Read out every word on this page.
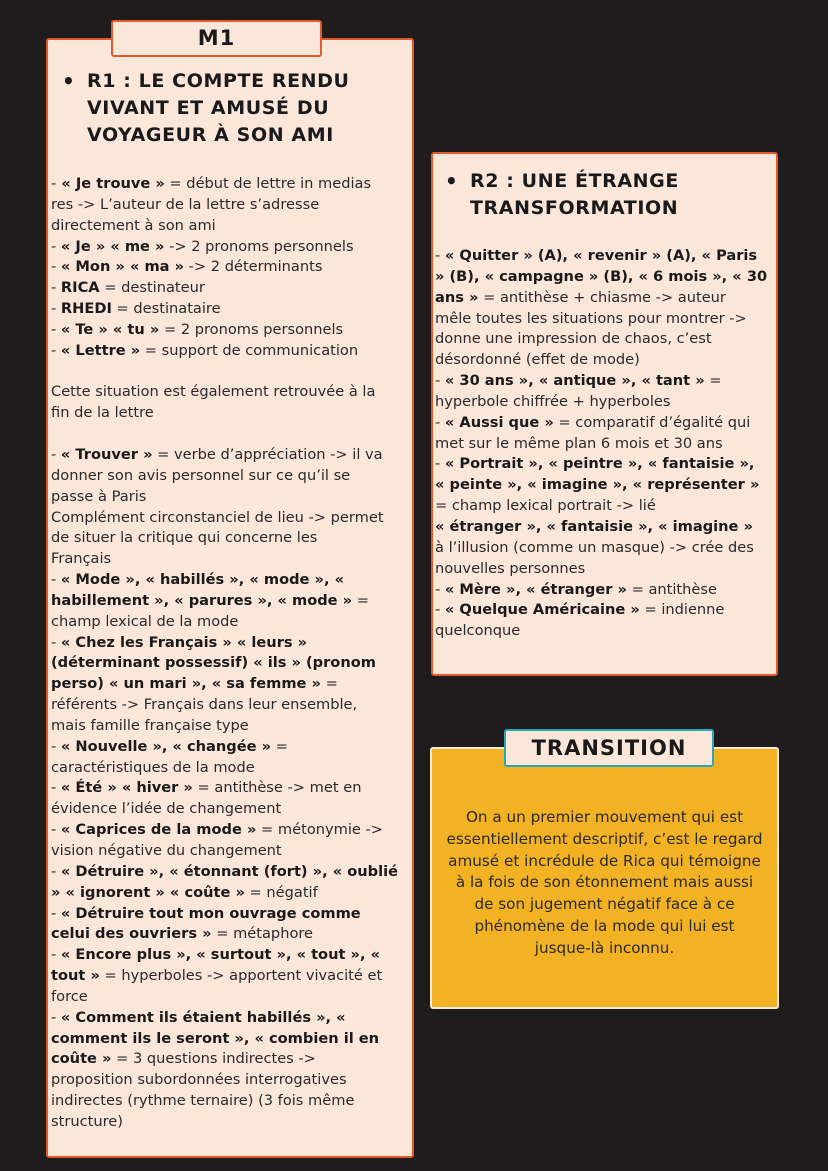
M1
TRANSITION
• R1 : LE COMPTE RENDU
VIVANT ET AMUSÉ DU
VOYAGEUR À SON AMI
• R2 : UNE ÉTRANGE
TRANSFORMATION
- « Je trouve » = début de lettre in medias
res -> L’auteur de la lettre s’adresse
directement à son ami
- « Je » « me » -> 2 pronoms personnels
- « Mon » « ma » -> 2 déterminants
- RICA = destinateur
- RHEDI = destinataire
- « Te » « tu » = 2 pronoms personnels
- « Lettre » = support de communication
Cette situation est également retrouvée à la
fin de la lettre
- « Trouver » = verbe d’appréciation -> il va
donner son avis personnel sur ce qu’il se
passe à Paris
Complément circonstanciel de lieu -> permet
de situer la critique qui concerne les
Français
- « Mode », « habillés », « mode », «
habillement », « parures », « mode » =
champ lexical de la mode
- « Chez les Français » « leurs »
(déterminant possessif) « ils » (pronom
perso) « un mari », « sa femme » =
référents -> Français dans leur ensemble,
mais famille française type
- « Nouvelle », « changée » =
caractéristiques de la mode
- « Été » « hiver » = antithèse -> met en
évidence l’idée de changement
- « Caprices de la mode » = métonymie ->
vision négative du changement
- « Détruire », « étonnant (fort) », « oublié
» « ignorent » « coûte » = négatif
- « Détruire tout mon ouvrage comme
celui des ouvriers » = métaphore
- « Encore plus », « surtout », « tout », «
tout » = hyperboles -> apportent vivacité et
force
- « Comment ils étaient habillés », «
comment ils le seront », « combien il en
coûte » = 3 questions indirectes ->
proposition subordonnées interrogatives
indirectes (rythme ternaire) (3 fois même
structure)
- « Quitter » (A), « revenir » (A), « Paris
» (B), « campagne » (B), « 6 mois », « 30
ans » = antithèse + chiasme -> auteur
mêle toutes les situations pour montrer ->
donne une impression de chaos, c’est
désordonné (effet de mode)
- « 30 ans », « antique », « tant » =
hyperbole chiffrée + hyperboles
- « Aussi que » = comparatif d’égalité qui
met sur le même plan 6 mois et 30 ans
- « Portrait », « peintre », « fantaisie »,
« peinte », « imagine », « représenter »
= champ lexical portrait -> lié
« étranger », « fantaisie », « imagine »
à l’illusion (comme un masque) -> crée des
nouvelles personnes
- « Mère », « étranger » = antithèse
- « Quelque Américaine » = indienne
quelconque
On a un premier mouvement qui est
essentiellement descriptif, c’est le regard
amusé et incrédule de Rica qui témoigne
à la fois de son étonnement mais aussi
de son jugement négatif face à ce
phénomène de la mode qui lui est
jusque-là inconnu.
